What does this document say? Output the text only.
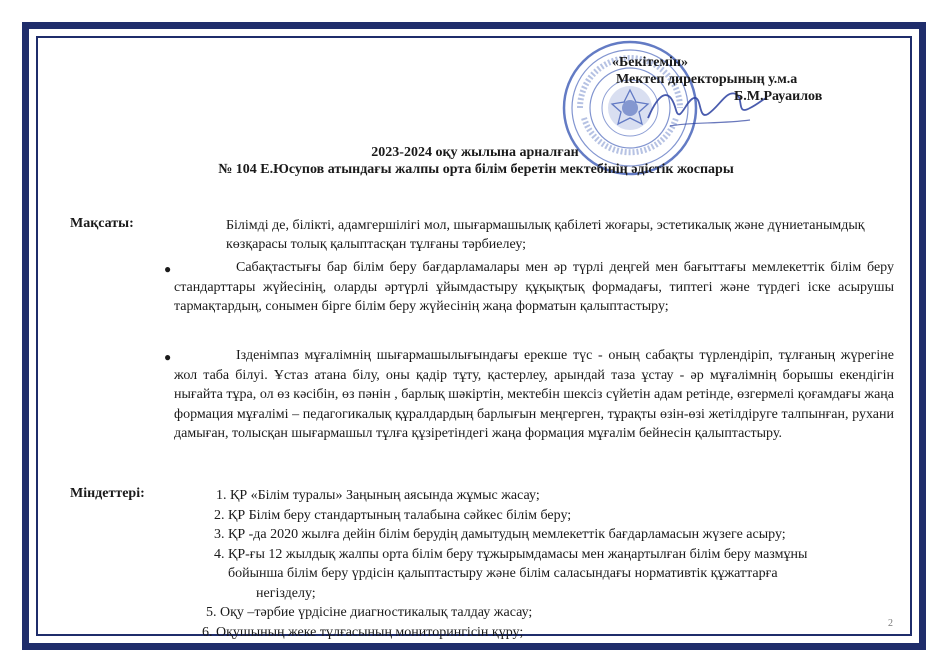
«Бекітемін»
Мектеп директорының у.м.а
Б.М.Рауаилов
2023-2024 оқу жылына арналған
№ 104 Е.Юсупов атындағы жалпы орта білім беретін мектебінің әдістік жоспары
Мақсаты:	Білімді де, білікті, адамгершілігі мол, шығармашылық қабілеті жоғары, эстетикалық және дүниетанымдық көзқарасы толық қалыптасқан тұлғаны тәрбиелеу;
●	Сабақтастығы бар білім беру бағдарламалары мен әр түрлі деңгей мен бағыттағы мемлекеттік білім беру стандарттары жүйесінің, оларды әртүрлі ұйымдастыру құқықтық формадағы, типтегі және түрдегі іске асырушы тармақтардың, сонымен бірге білім беру жүйесінің жаңа форматын қалыптастыру;

●	Ізденімпаз мұғалімнің шығармашылығындағы ерекше түс - оның сабақты түрлендіріп, тұлғаның жүрегіне жол таба білуі. Ұстаз атана білу, оны қадір тұту, қастерлеу, арындай таза ұстау - әр мұғалімнің борышы екендігін нығайта тұра, ол өз кәсібін, өз пәнін , барлық шәкіртін, мектебін шексіз сүйетін адам ретінде, өзгермелі қоғамдағы жаңа формация мұғалімі – педагогикалық құралдардың барлығын меңгерген, тұрақты өзін-өзі жетілдіруге талпынған, рухани дамыған, толысқан шығармашыл тұлға құзіретіндегі жаңа формация мұғалім бейнесін қалыптастыру.

Міндеттері:	1. ҚР «Білім туралы» Заңының аясында жұмыс жасау;
2. ҚР Білім беру стандартының талабына сәйкес білім беру;
3. ҚР -да 2020 жылға дейін білім берудің дамытудың мемлекеттік бағдарламасын жүзеге асыру;
4. ҚР-ғы 12 жылдық жалпы орта білім беру тұжырымдамасы мен жаңартылған білім беру мазмұны
бойынша білім беру үрдісін қалыптастыру және білім саласындағы нормативтік құжаттарға
негізделу;
5. Оқу –тәрбие үрдісіне диагностикалық талдау жасау;
6. Оқушының жеке тұлғасының мониторингісін құру;
2
